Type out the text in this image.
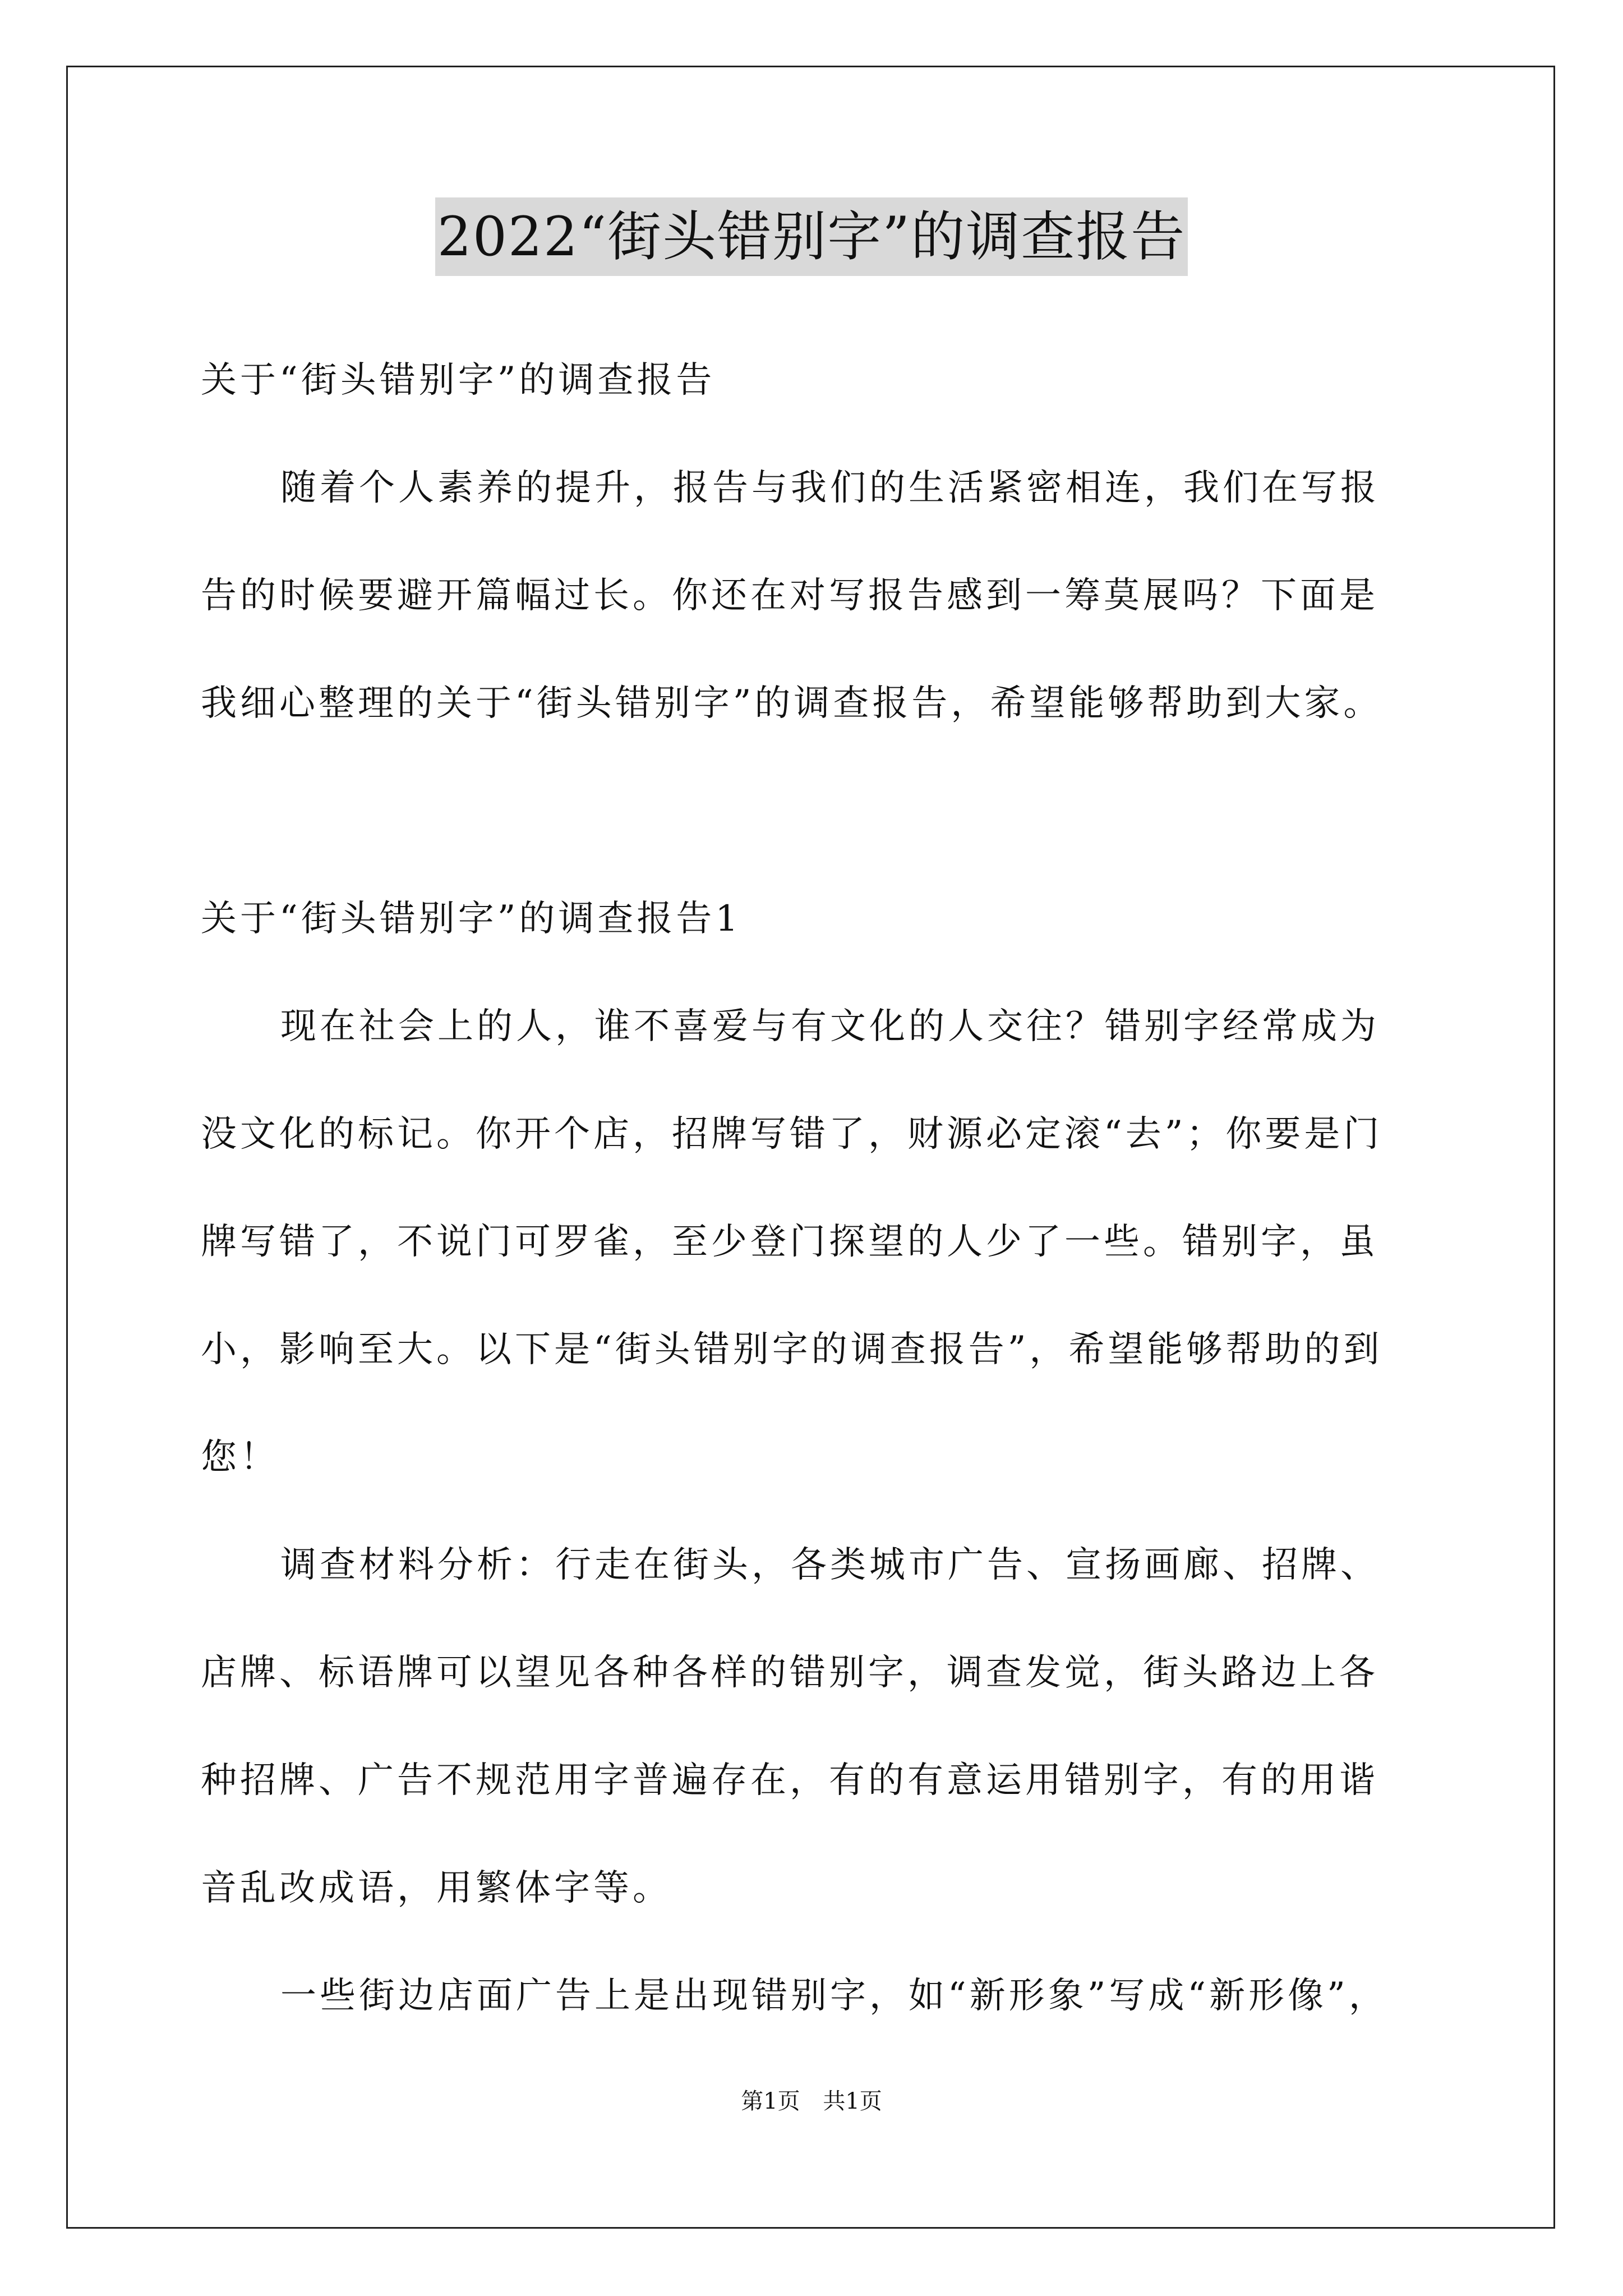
2022“街头错别字”的调查报告
关于“街头错别字”的调查报告
随着个人素养的提升，报告与我们的生活紧密相连，我们在写报
告的时候要避开篇幅过长。你还在对写报告感到一筹莫展吗？下面是
我细心整理的关于“街头错别字”的调查报告，希望能够帮助到大家。
关于“街头错别字”的调查报告1
现在社会上的人，谁不喜爱与有文化的人交往？错别字经常成为
没文化的标记。你开个店，招牌写错了，财源必定滚“去”；你要是门
牌写错了，不说门可罗雀，至少登门探望的人少了一些。错别字，虽
小，影响至大。以下是“街头错别字的调查报告”，希望能够帮助的到
您！
调查材料分析：行走在街头，各类城市广告、宣扬画廊、招牌、
店牌、标语牌可以望见各种各样的错别字，调查发觉，街头路边上各
种招牌、广告不规范用字普遍存在，有的有意运用错别字，有的用谐
音乱改成语，用繁体字等。
一些街边店面广告上是出现错别字，如“新形象”写成“新形像”，
第1页 共1页
